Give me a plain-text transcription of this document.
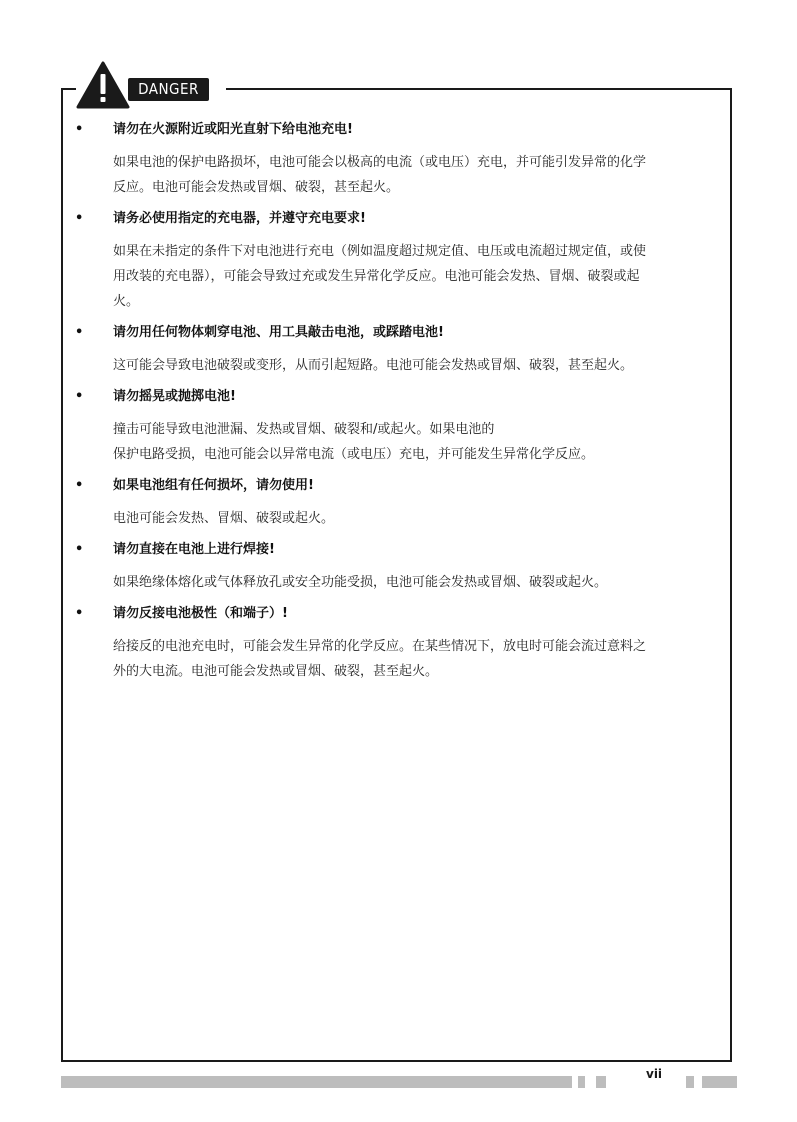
DANGER
• 请勿在火源附近或阳光直射下给电池充电!
如果电池的保护电路损坏，电池可能会以极高的电流（或电压）充电，并可能引发异常的化学
反应。电池可能会发热或冒烟、破裂，甚至起火。
• 请务必使用指定的充电器，并遵守充电要求!
如果在未指定的条件下对电池进行充电（例如温度超过规定值、电压或电流超过规定值，或使
用改装的充电器），可能会导致过充或发生异常化学反应。电池可能会发热、冒烟、破裂或起
火。
• 请勿用任何物体刺穿电池、用工具敲击电池，或踩踏电池!
这可能会导致电池破裂或变形，从而引起短路。电池可能会发热或冒烟、破裂，甚至起火。
• 请勿摇晃或抛掷电池!
撞击可能导致电池泄漏、发热或冒烟、破裂和/或起火。如果电池的
保护电路受损，电池可能会以异常电流（或电压）充电，并可能发生异常化学反应。
• 如果电池组有任何损坏，请勿使用!
电池可能会发热、冒烟、破裂或起火。
• 请勿直接在电池上进行焊接!
如果绝缘体熔化或气体释放孔或安全功能受损，电池可能会发热或冒烟、破裂或起火。
• 请勿反接电池极性（和端子）!
给接反的电池充电时，可能会发生异常的化学反应。在某些情况下，放电时可能会流过意料之
外的大电流。电池可能会发热或冒烟、破裂，甚至起火。
vii
